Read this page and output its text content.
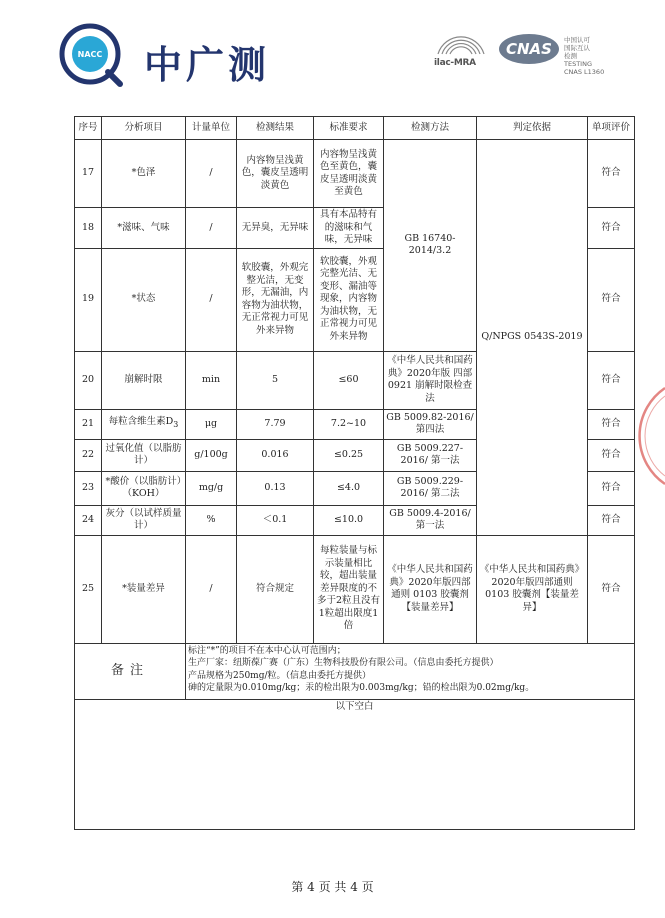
NACC 中广测	ilac-MRA
CNAS 中国认可
国际互认
检测
TESTING
CNAS L1360
序号	分析项目	计量单位	检测结果	标准要求	检测方法	判定依据	单项评价
17	*色泽	/	内容物呈浅黄色，囊皮呈透明淡黄色	内容物呈浅黄色至黄色，囊皮呈透明淡黄至黄色	GB 16740-2014/3.2	Q/NPGS 0543S-2019	符合
18	*滋味、气味	/	无异臭，无异味	具有本品特有的滋味和气味，无异味			符合
19	*状态	/	软胶囊，外观完整光洁，无变形，无漏油，内容物为油状物，无正常视力可见外来异物	软胶囊，外观完整光洁、无变形、漏油等现象，内容物为油状物，无正常视力可见外来异物			符合
20	崩解时限	min	5	≤60	《中华人民共和国药典》2020年版 四部 0921 崩解时限检查法		符合
21	每粒含维生素$D_3$	μg	7.79	7.2~10	GB 5009.82-2016/ 第四法		符合
22	过氧化值（以脂肪计）	g/100g	0.016	≤0.25	GB 5009.227-2016/ 第一法		符合
23	*酸价（以脂肪计）（KOH）	mg/g	0.13	≤4.0	GB 5009.229-2016/ 第二法		符合
24	灰分（以试样质量计）	%	＜0.1	≤10.0	GB 5009.4-2016/ 第一法		符合
25	*装量差异	/	符合规定	每粒装量与标示装量相比较，超出装量差异限度的不多于2粒且没有1粒超出限度1倍	《中华人民共和国药典》2020年版四部通则 0103 胶囊剂【装量差异】	《中华人民共和国药典》2020年版四部通则 0103 胶囊剂【装量差异】	符合
备注		标注“*”的项目不在本中心认可范围内；
生产厂家：纽斯葆广赛（广东）生物科技股份有限公司。（信息由委托方提供）
产品规格为250mg/粒。（信息由委托方提供）
砷的定量限为0.010mg/kg；汞的检出限为0.003mg/kg；铅的检出限为0.02mg/kg。					

以下空白							
第 4 页 共 4 页
